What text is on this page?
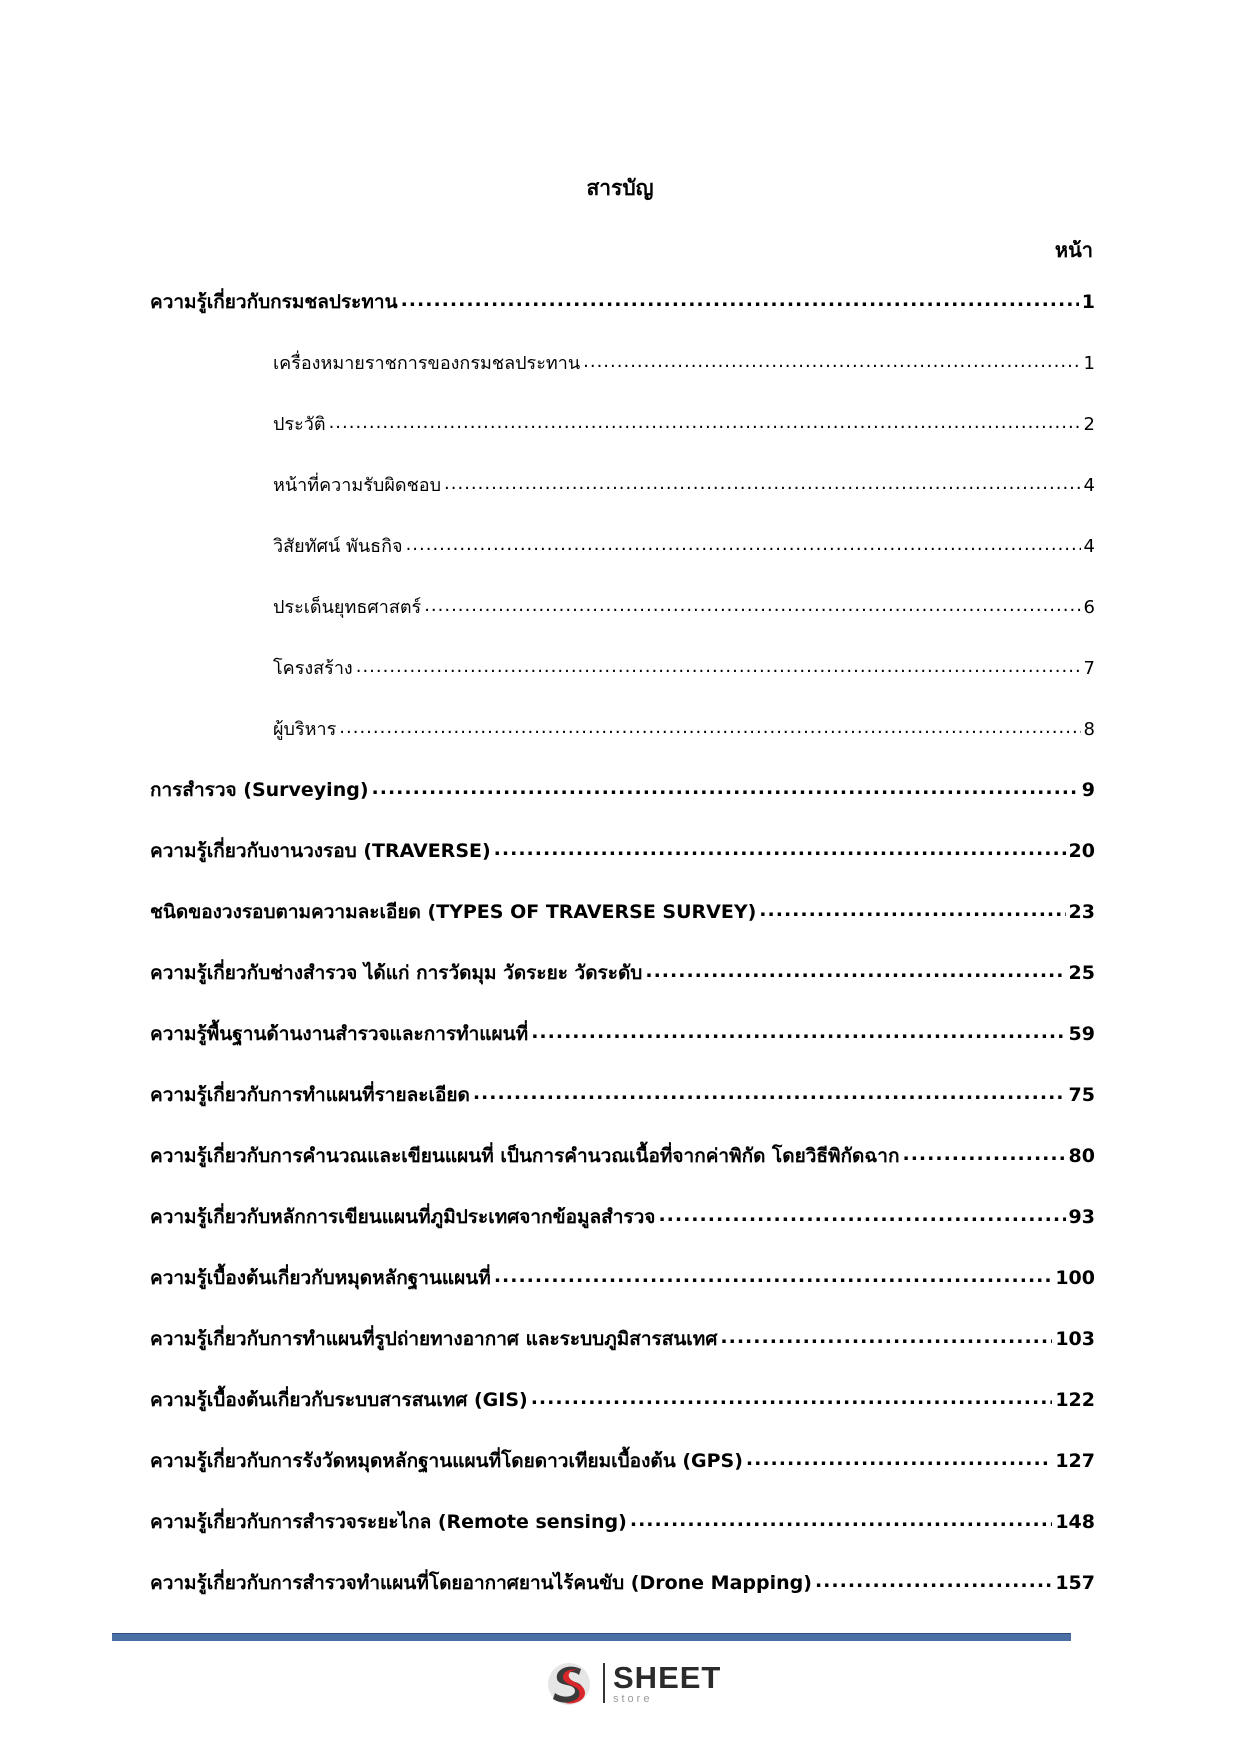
สารบัญ
หน้า
ความรู้เกี่ยวกับกรมชลประทาน .....	1
เครื่องหมายราชการของกรมชลประทาน .....	1
ประวัติ .....	2
หน้าที่ความรับผิดชอบ .....	4
วิสัยทัศน์ พันธกิจ .....	4
ประเด็นยุทธศาสตร์ .....	6
โครงสร้าง .....	7
ผู้บริหาร .....	8
การสำรวจ (Surveying) .....	9
ความรู้เกี่ยวกับงานวงรอบ (TRAVERSE) .....	20
ชนิดของวงรอบตามความละเอียด (TYPES OF TRAVERSE SURVEY) .....	23
ความรู้เกี่ยวกับช่างสำรวจ ได้แก่ การวัดมุม วัดระยะ วัดระดับ .....	25
ความรู้พื้นฐานด้านงานสำรวจและการทำแผนที่ .....	59
ความรู้เกี่ยวกับการทำแผนที่รายละเอียด .....	75
ความรู้เกี่ยวกับการคำนวณและเขียนแผนที่ เป็นการคำนวณเนื้อที่จากค่าพิกัด โดยวิธีพิกัดฉาก .....	80
ความรู้เกี่ยวกับหลักการเขียนแผนที่ภูมิประเทศจากข้อมูลสำรวจ .....	93
ความรู้เบื้องต้นเกี่ยวกับหมุดหลักฐานแผนที่ .....	100
ความรู้เกี่ยวกับการทำแผนที่รูปถ่ายทางอากาศ และระบบภูมิสารสนเทศ .....	103
ความรู้เบื้องต้นเกี่ยวกับระบบสารสนเทศ (GIS) .....	122
ความรู้เกี่ยวกับการรังวัดหมุดหลักฐานแผนที่โดยดาวเทียมเบื้องต้น (GPS) .....	127
ความรู้เกี่ยวกับการสำรวจระยะไกล (Remote sensing) .....	148
ความรู้เกี่ยวกับการสำรวจทำแผนที่โดยอากาศยานไร้คนขับ (Drone Mapping) .....	157
SHEET
store
